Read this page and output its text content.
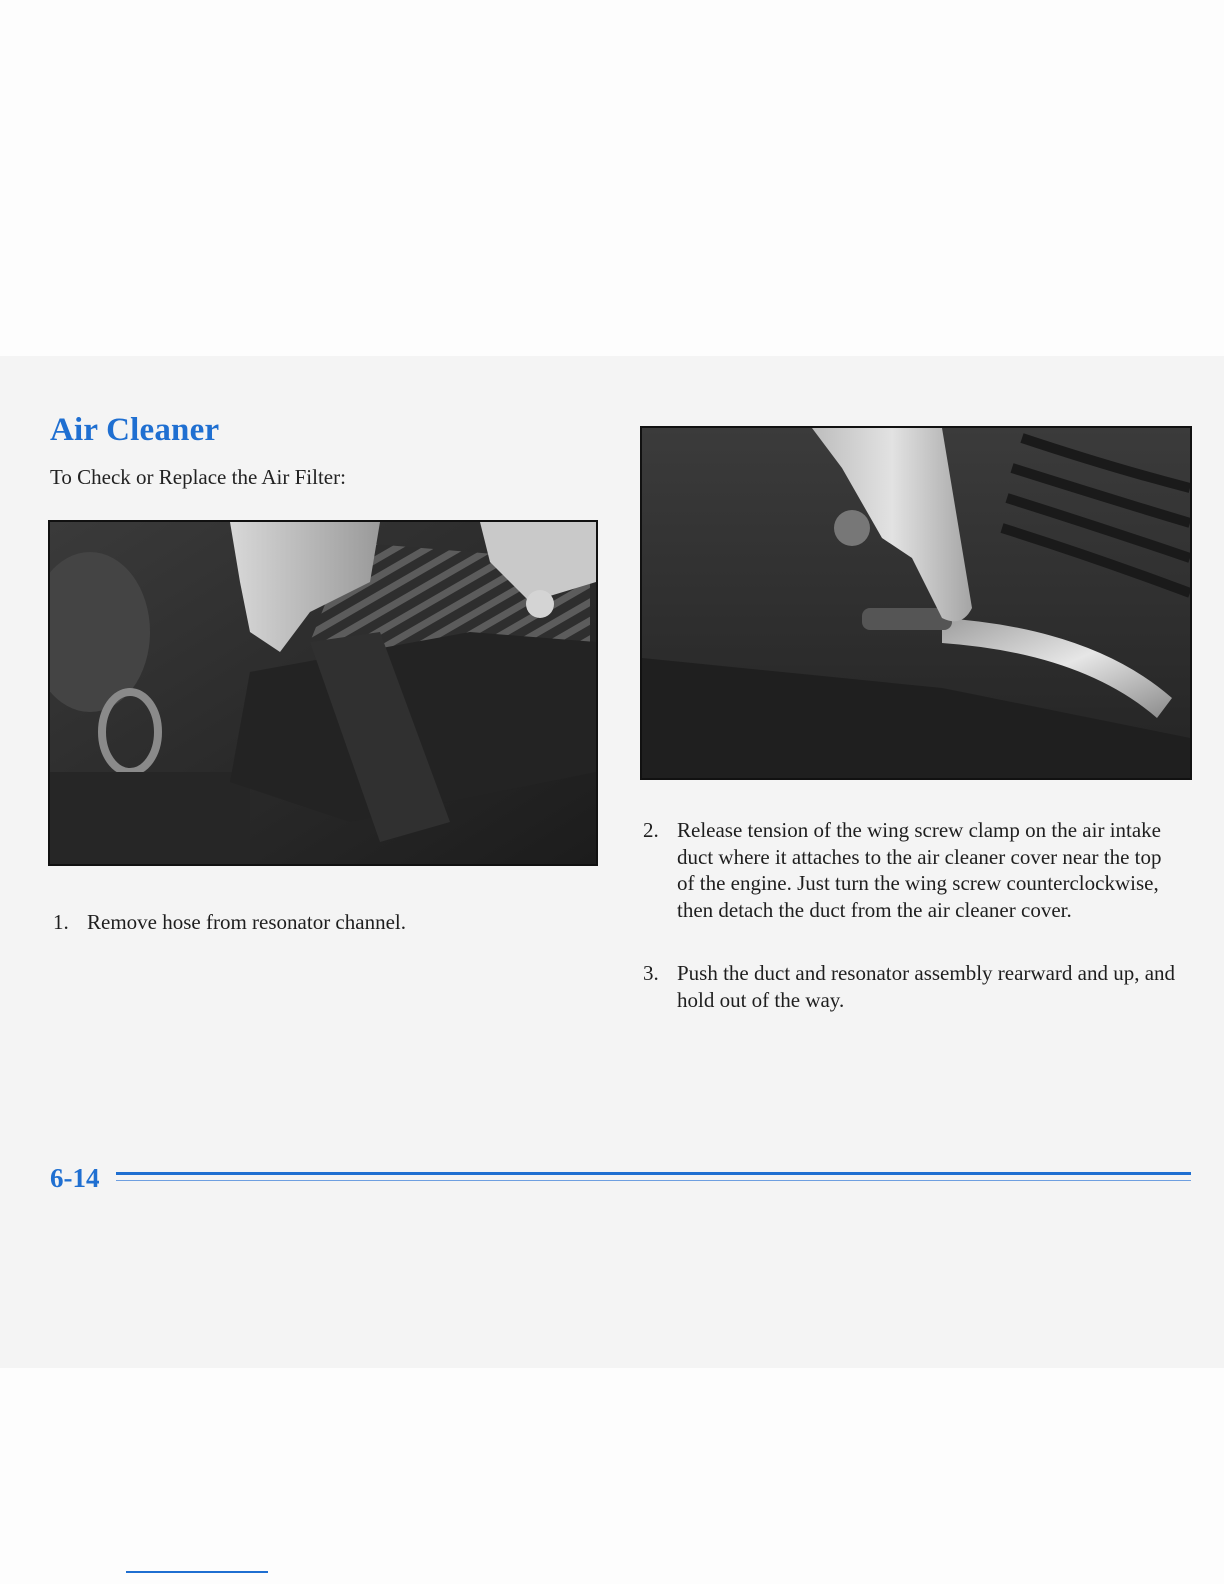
Air Cleaner

To Check or Replace the Air Filter:

1. Remove hose from resonator channel.

2. Release tension of the wing screw clamp on the air intake duct where it attaches to the air cleaner cover near the top of the engine. Just turn the wing screw counterclockwise, then detach the duct from the air cleaner cover.

3. Push the duct and resonator assembly rearward and up, and hold out of the way.

6-14
